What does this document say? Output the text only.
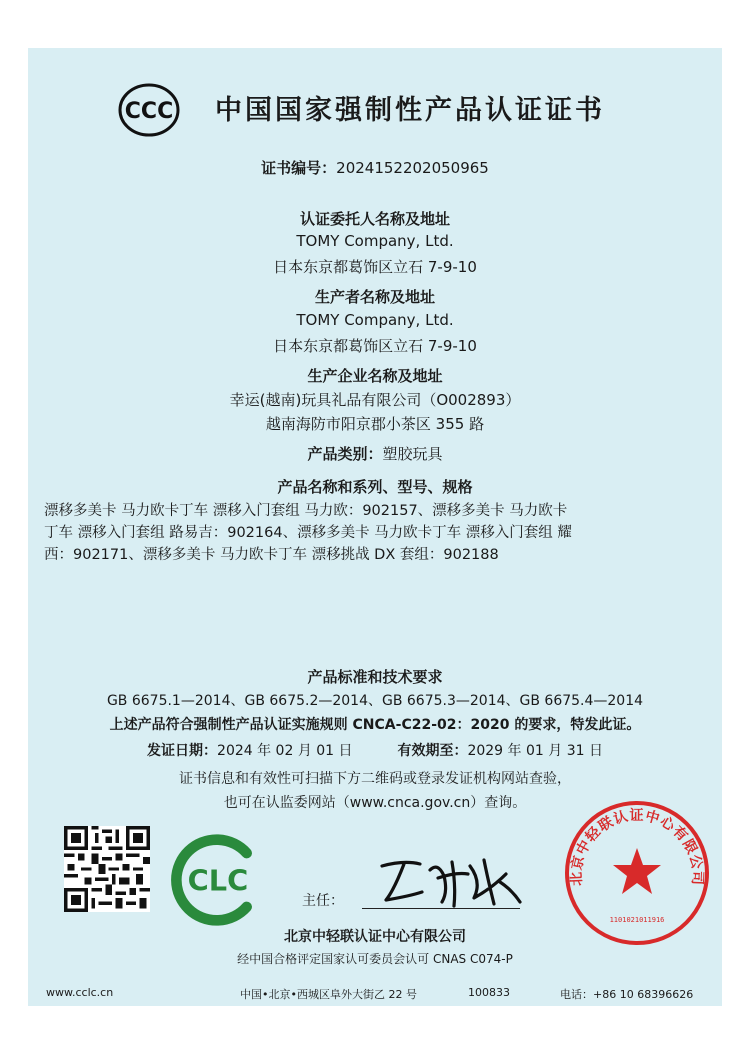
CCC	中国国家强制性产品认证证书
证书编号：2024152202050965
认证委托人名称及地址
TOMY Company, Ltd.
日本东京都葛饰区立石 7-9-10
生产者名称及地址
TOMY Company, Ltd.
日本东京都葛饰区立石 7-9-10
生产企业名称及地址
幸运(越南)玩具礼品有限公司（O002893）
越南海防市阳京郡小茶区 355 路
产品类别：塑胶玩具
产品名称和系列、型号、规格
漂移多美卡 马力欧卡丁车 漂移入门套组 马力欧：902157、漂移多美卡 马力欧卡
丁车 漂移入门套组 路易吉：902164、漂移多美卡 马力欧卡丁车 漂移入门套组 耀
西：902171、漂移多美卡 马力欧卡丁车 漂移挑战 DX 套组：902188
产品标准和技术要求
GB 6675.1—2014、GB 6675.2—2014、GB 6675.3—2014、GB 6675.4—2014
上述产品符合强制性产品认证实施规则 CNCA-C22-02：2020 的要求，特发此证。
发证日期：2024 年 02 月 01 日	有效期至：2029 年 01 月 31 日
证书信息和有效性可扫描下方二维码或登录发证机构网站查验，
也可在认监委网站（www.cnca.gov.cn）查询。
CLC
主任：
北京中轻联认证中心有限公司
1101021011916
北京中轻联认证中心有限公司
经中国合格评定国家认可委员会认可 CNAS C074-P
www.cclc.cn	中国•北京•西城区阜外大街乙 22 号	100833	电话：+86 10 68396626
